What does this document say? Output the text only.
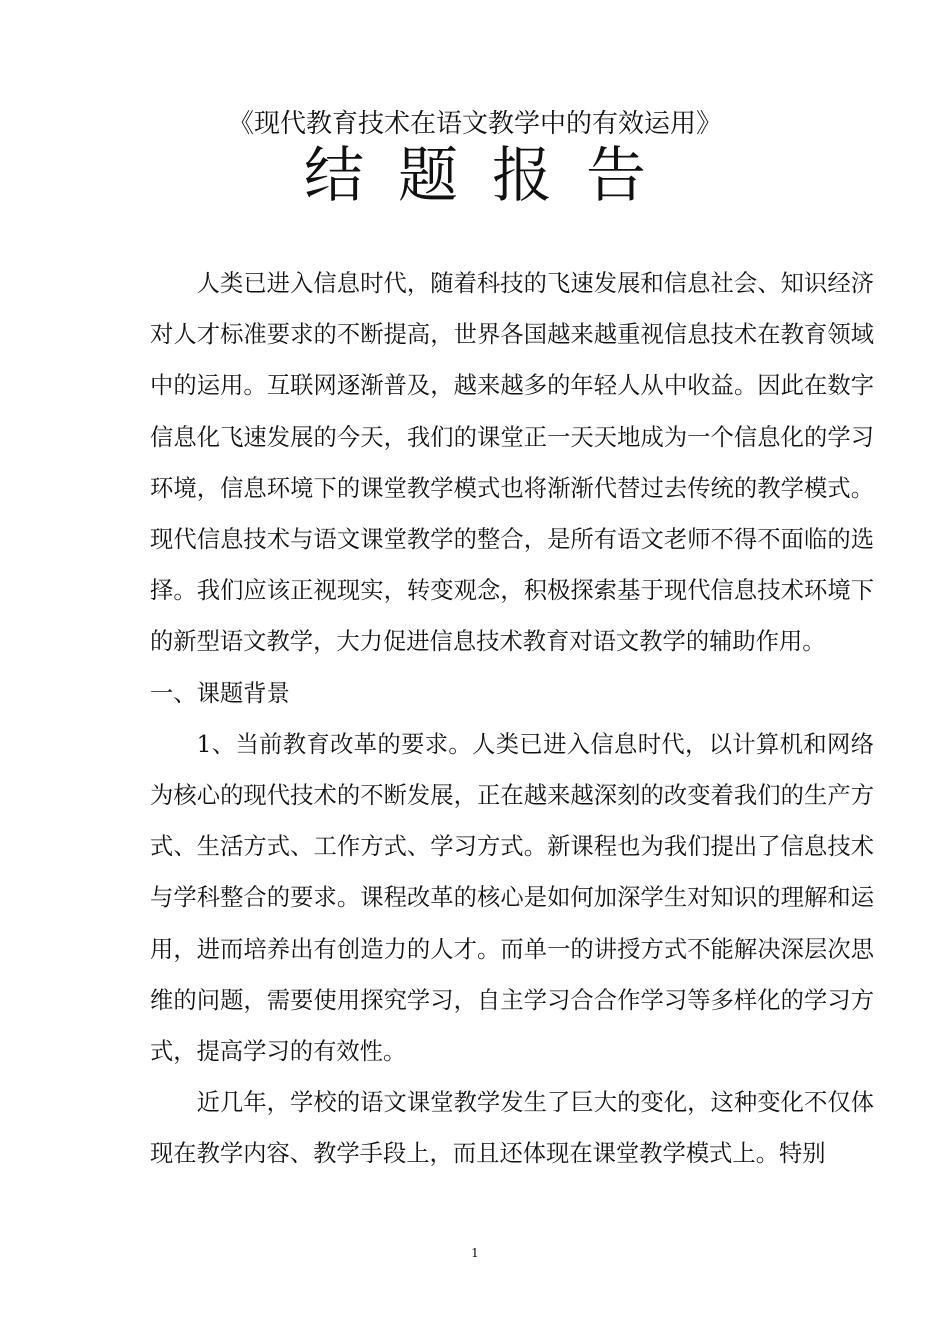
《现代教育技术在语文教学中的有效运用》
结题报告

人类已进入信息时代，随着科技的飞速发展和信息社会、知识经济对人才标准要求的不断提高，世界各国越来越重视信息技术在教育领域中的运用。互联网逐渐普及，越来越多的年轻人从中收益。因此在数字信息化飞速发展的今天，我们的课堂正一天天地成为一个信息化的学习环境，信息环境下的课堂教学模式也将渐渐代替过去传统的教学模式。现代信息技术与语文课堂教学的整合，是所有语文老师不得不面临的选择。我们应该正视现实，转变观念，积极探索基于现代信息技术环境下的新型语文教学，大力促进信息技术教育对语文教学的辅助作用。

一、课题背景

1、当前教育改革的要求。人类已进入信息时代，以计算机和网络为核心的现代技术的不断发展，正在越来越深刻的改变着我们的生产方式、生活方式、工作方式、学习方式。新课程也为我们提出了信息技术与学科整合的要求。课程改革的核心是如何加深学生对知识的理解和运用，进而培养出有创造力的人才。而单一的讲授方式不能解决深层次思维的问题，需要使用探究学习，自主学习合合作学习等多样化的学习方式，提高学习的有效性。

近几年，学校的语文课堂教学发生了巨大的变化，这种变化不仅体现在教学内容、教学手段上，而且还体现在课堂教学模式上。特别

1
